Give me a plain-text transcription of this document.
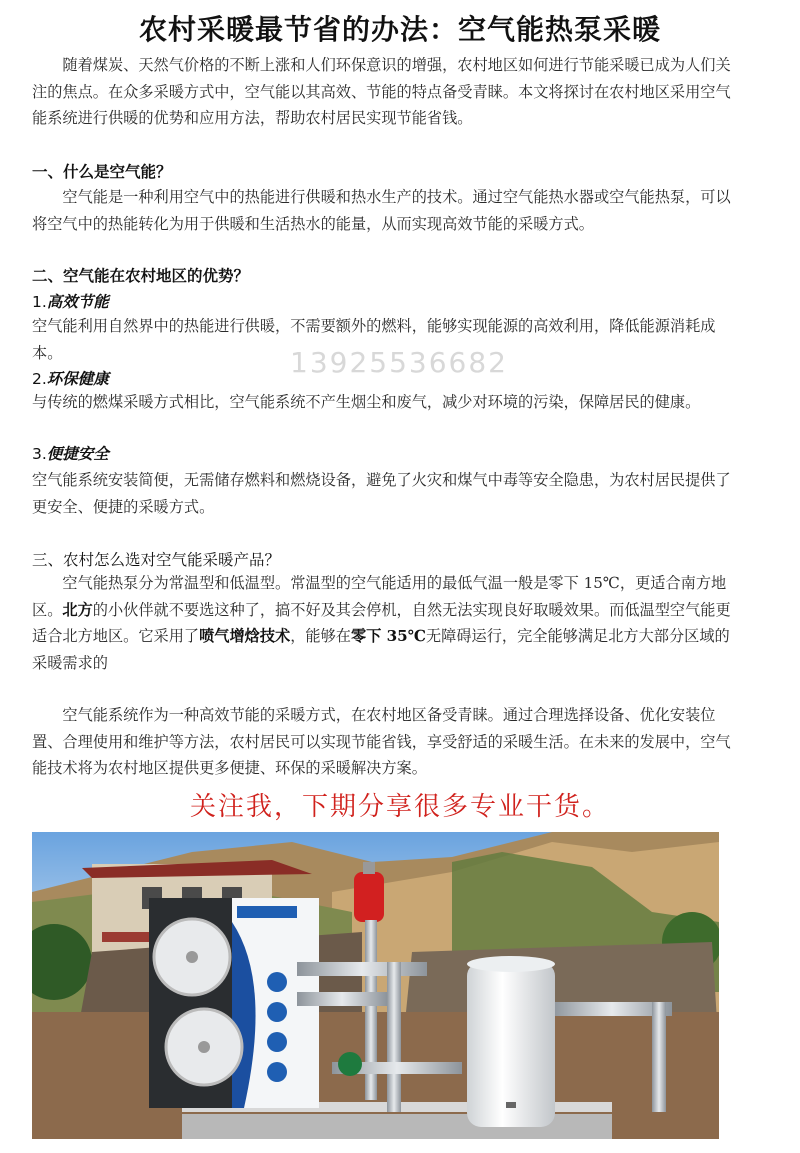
农村采暖最节省的办法：空气能热泵采暖

随着煤炭、天然气价格的不断上涨和人们环保意识的增强，农村地区如何进行节能采暖已成为人们关注的焦点。在众多采暖方式中，空气能以其高效、节能的特点备受青睐。本文将探讨在农村地区采用空气能系统进行供暖的优势和应用方法，帮助农村居民实现节能省钱。

一、什么是空气能？

空气能是一种利用空气中的热能进行供暖和热水生产的技术。通过空气能热水器或空气能热泵，可以将空气中的热能转化为用于供暖和生活热水的能量，从而实现高效节能的采暖方式。

二、空气能在农村地区的优势？
1.高效节能

空气能利用自然界中的热能进行供暖，不需要额外的燃料，能够实现能源的高效利用，降低能源消耗成本。	13925536682
2.环保健康

与传统的燃煤采暖方式相比，空气能系统不产生烟尘和废气，减少对环境的污染，保障居民的健康。

3.便捷安全

空气能系统安装简便，无需储存燃料和燃烧设备，避免了火灾和煤气中毒等安全隐患，为农村居民提供了更安全、便捷的采暖方式。

三、农村怎么选对空气能采暖产品？

空气能热泵分为常温型和低温型。常温型的空气能适用的最低气温一般是零下 15℃，更适合南方地区。北方的小伙伴就不要选这种了，搞不好及其会停机，自然无法实现良好取暖效果。而低温型空气能更适合北方地区。它采用了喷气增焓技术，能够在零下 35℃无障碍运行，完全能够满足北方大部分区域的采暖需求的

空气能系统作为一种高效节能的采暖方式，在农村地区备受青睐。通过合理选择设备、优化安装位置、合理使用和维护等方法，农村居民可以实现节能省钱，享受舒适的采暖生活。在未来的发展中，空气能技术将为农村地区提供更多便捷、环保的采暖解决方案。

关注我，下期分享很多专业干货。
